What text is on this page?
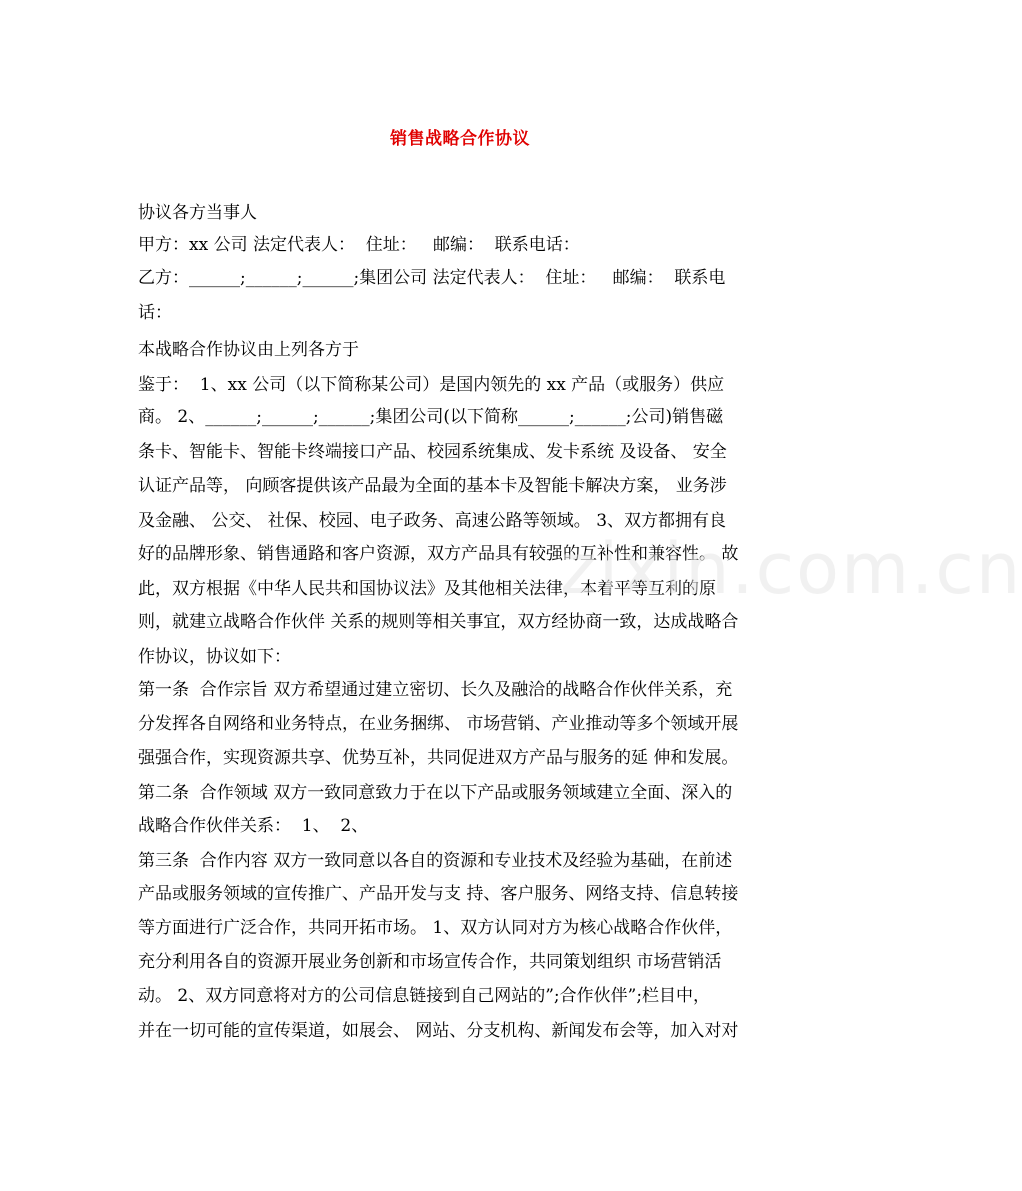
销售战略合作协议
协议各方当事人
甲方：xx 公司 法定代表人：  住址：   邮编：  联系电话：
乙方：______;______;______;集团公司 法定代表人：  住址：   邮编：  联系电
话：
本战略合作协议由上列各方于
鉴于：  1、xx 公司（以下简称某公司）是国内领先的 xx 产品（或服务）供应
商。 2、______;______;______;集团公司(以下简称______;______;公司)销售磁
条卡、智能卡、智能卡终端接口产品、校园系统集成、发卡系统 及设备、 安全
认证产品等， 向顾客提供该产品最为全面的基本卡及智能卡解决方案， 业务涉
及金融、 公交、 社保、校园、电子政务、高速公路等领域。 3、双方都拥有良
好的品牌形象、销售通路和客户资源，双方产品具有较强的互补性和兼容性。 故
此，双方根据《中华人民共和国协议法》及其他相关法律，本着平等互利的原
则，就建立战略合作伙伴 关系的规则等相关事宜，双方经协商一致，达成战略合
作协议，协议如下：
第一条  合作宗旨 双方希望通过建立密切、长久及融洽的战略合作伙伴关系，充
分发挥各自网络和业务特点，在业务捆绑、 市场营销、产业推动等多个领域开展
强强合作，实现资源共享、优势互补，共同促进双方产品与服务的延 伸和发展。
第二条  合作领域 双方一致同意致力于在以下产品或服务领域建立全面、深入的
战略合作伙伴关系：  1、  2、
第三条  合作内容 双方一致同意以各自的资源和专业技术及经验为基础，在前述
产品或服务领域的宣传推广、产品开发与支 持、客户服务、网络支持、信息转接
等方面进行广泛合作，共同开拓市场。 1、双方认同对方为核心战略合作伙伴，
充分利用各自的资源开展业务创新和市场宣传合作，共同策划组织 市场营销活
动。 2、双方同意将对方的公司信息链接到自己网站的”;合作伙伴”;栏目中，
并在一切可能的宣传渠道，如展会、 网站、分支机构、新闻发布会等，加入对对
zixin.com.cn
